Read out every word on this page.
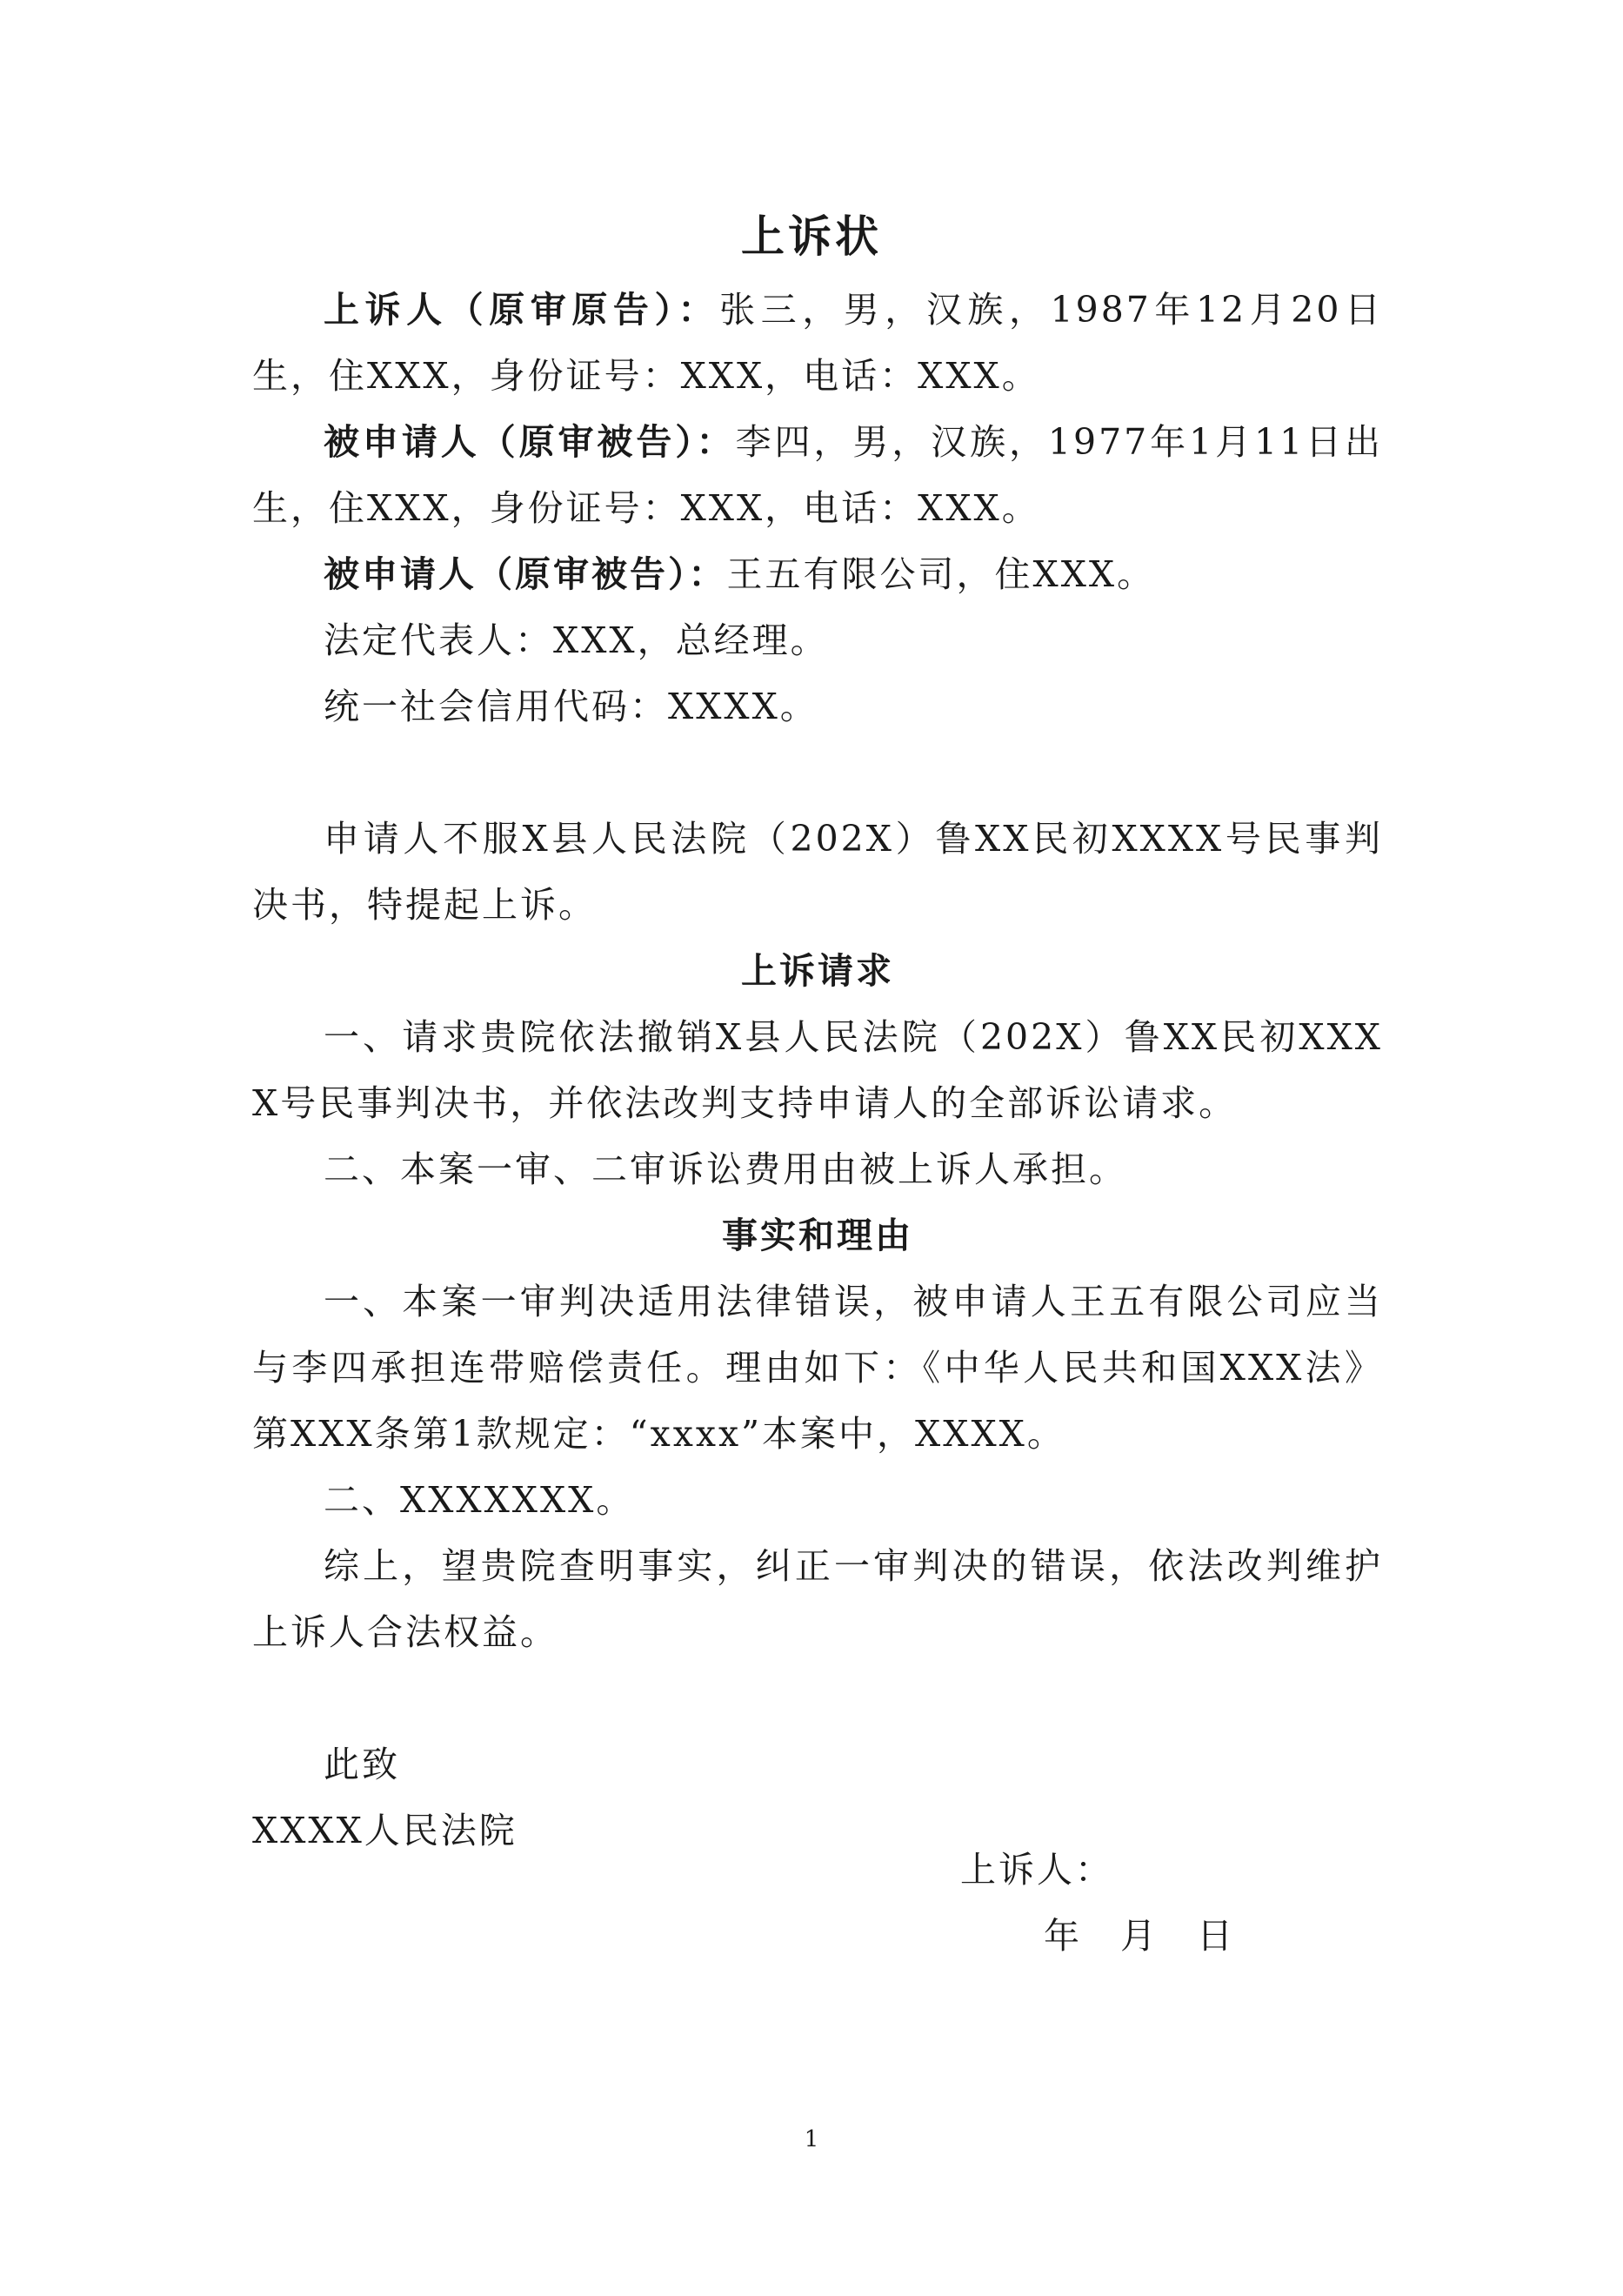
上诉状

上诉人（原审原告）：张三，男，汉族，1987年12月20日生，住XXX，身份证号：XXX，电话：XXX。

被申请人（原审被告）：李四，男，汉族，1977年1月11日出生，住XXX，身份证号：XXX，电话：XXX。

被申请人（原审被告）：王五有限公司，住XXX。

法定代表人：XXX，总经理。

统一社会信用代码：XXXX。

申请人不服X县人民法院（202X）鲁XX民初XXXX号民事判决书，特提起上诉。

上诉请求

一、请求贵院依法撤销X县人民法院（202X）鲁XX民初XXXX号民事判决书，并依法改判支持申请人的全部诉讼请求。

二、本案一审、二审诉讼费用由被上诉人承担。

事实和理由

一、本案一审判决适用法律错误，被申请人王五有限公司应当与李四承担连带赔偿责任。理由如下：《中华人民共和国XXX法》第XXX条第1款规定：“xxxx”本案中，XXXX。

二、XXXXXXX。

综上，望贵院查明事实，纠正一审判决的错误，依法改判维护上诉人合法权益。

此致

XXXX人民法院

上诉人：
年 月 日
1
